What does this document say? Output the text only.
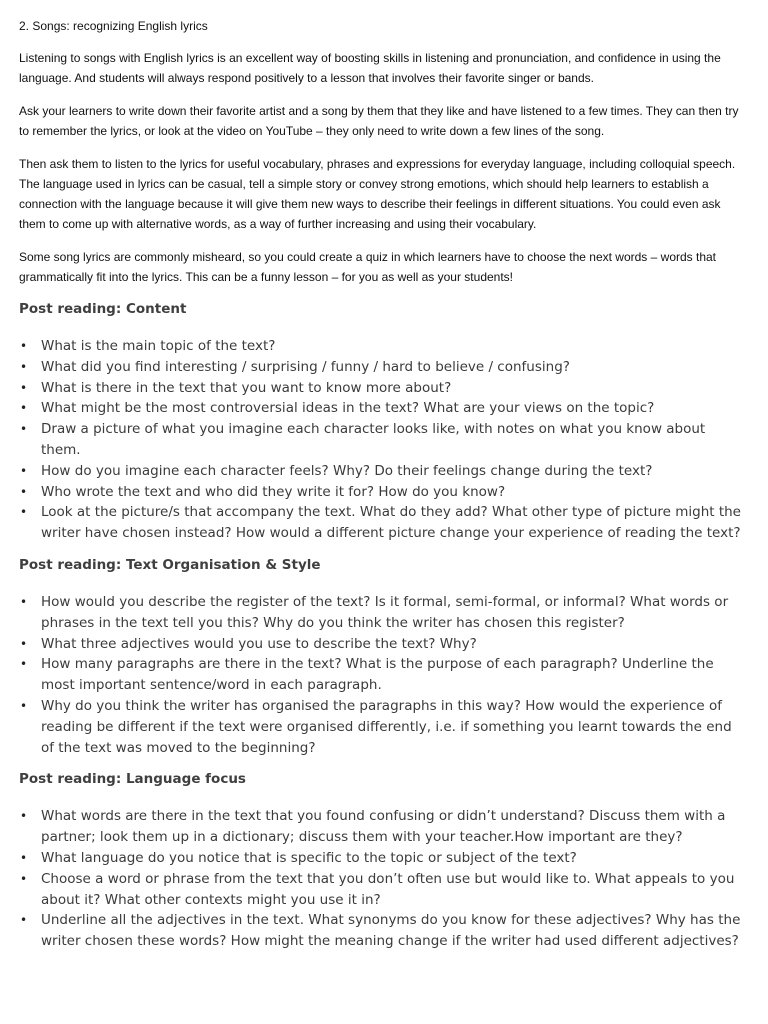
2. Songs: recognizing English lyrics

Listening to songs with English lyrics is an excellent way of boosting skills in listening and pronunciation, and confidence in using the language. And students will always respond positively to a lesson that involves their favorite singer or bands.

Ask your learners to write down their favorite artist and a song by them that they like and have listened to a few times. They can then try to remember the lyrics, or look at the video on YouTube – they only need to write down a few lines of the song.

Then ask them to listen to the lyrics for useful vocabulary, phrases and expressions for everyday language, including colloquial speech. The language used in lyrics can be casual, tell a simple story or convey strong emotions, which should help learners to establish a connection with the language because it will give them new ways to describe their feelings in different situations. You could even ask them to come up with alternative words, as a way of further increasing and using their vocabulary.

Some song lyrics are commonly misheard, so you could create a quiz in which learners have to choose the next words – words that grammatically fit into the lyrics. This can be a funny lesson – for you as well as your students!

Post reading: Content
• What is the main topic of the text?
• What did you find interesting / surprising / funny / hard to believe / confusing?
• What is there in the text that you want to know more about?
• What might be the most controversial ideas in the text? What are your views on the topic?
• Draw a picture of what you imagine each character looks like, with notes on what you know about them.
• How do you imagine each character feels? Why? Do their feelings change during the text?
• Who wrote the text and who did they write it for? How do you know?
• Look at the picture/s that accompany the text. What do they add? What other type of picture might the writer have chosen instead? How would a different picture change your experience of reading the text?
Post reading: Text Organisation & Style
• How would you describe the register of the text? Is it formal, semi-formal, or informal? What words or phrases in the text tell you this? Why do you think the writer has chosen this register?
• What three adjectives would you use to describe the text? Why?
• How many paragraphs are there in the text? What is the purpose of each paragraph? Underline the most important sentence/word in each paragraph.
• Why do you think the writer has organised the paragraphs in this way? How would the experience of reading be different if the text were organised differently, i.e. if something you learnt towards the end of the text was moved to the beginning?
Post reading: Language focus
• What words are there in the text that you found confusing or didn’t understand? Discuss them with a partner; look them up in a dictionary; discuss them with your teacher.How important are they?
• What language do you notice that is specific to the topic or subject of the text?
• Choose a word or phrase from the text that you don’t often use but would like to. What appeals to you about it? What other contexts might you use it in?
• Underline all the adjectives in the text. What synonyms do you know for these adjectives? Why has the writer chosen these words? How might the meaning change if the writer had used different adjectives?
